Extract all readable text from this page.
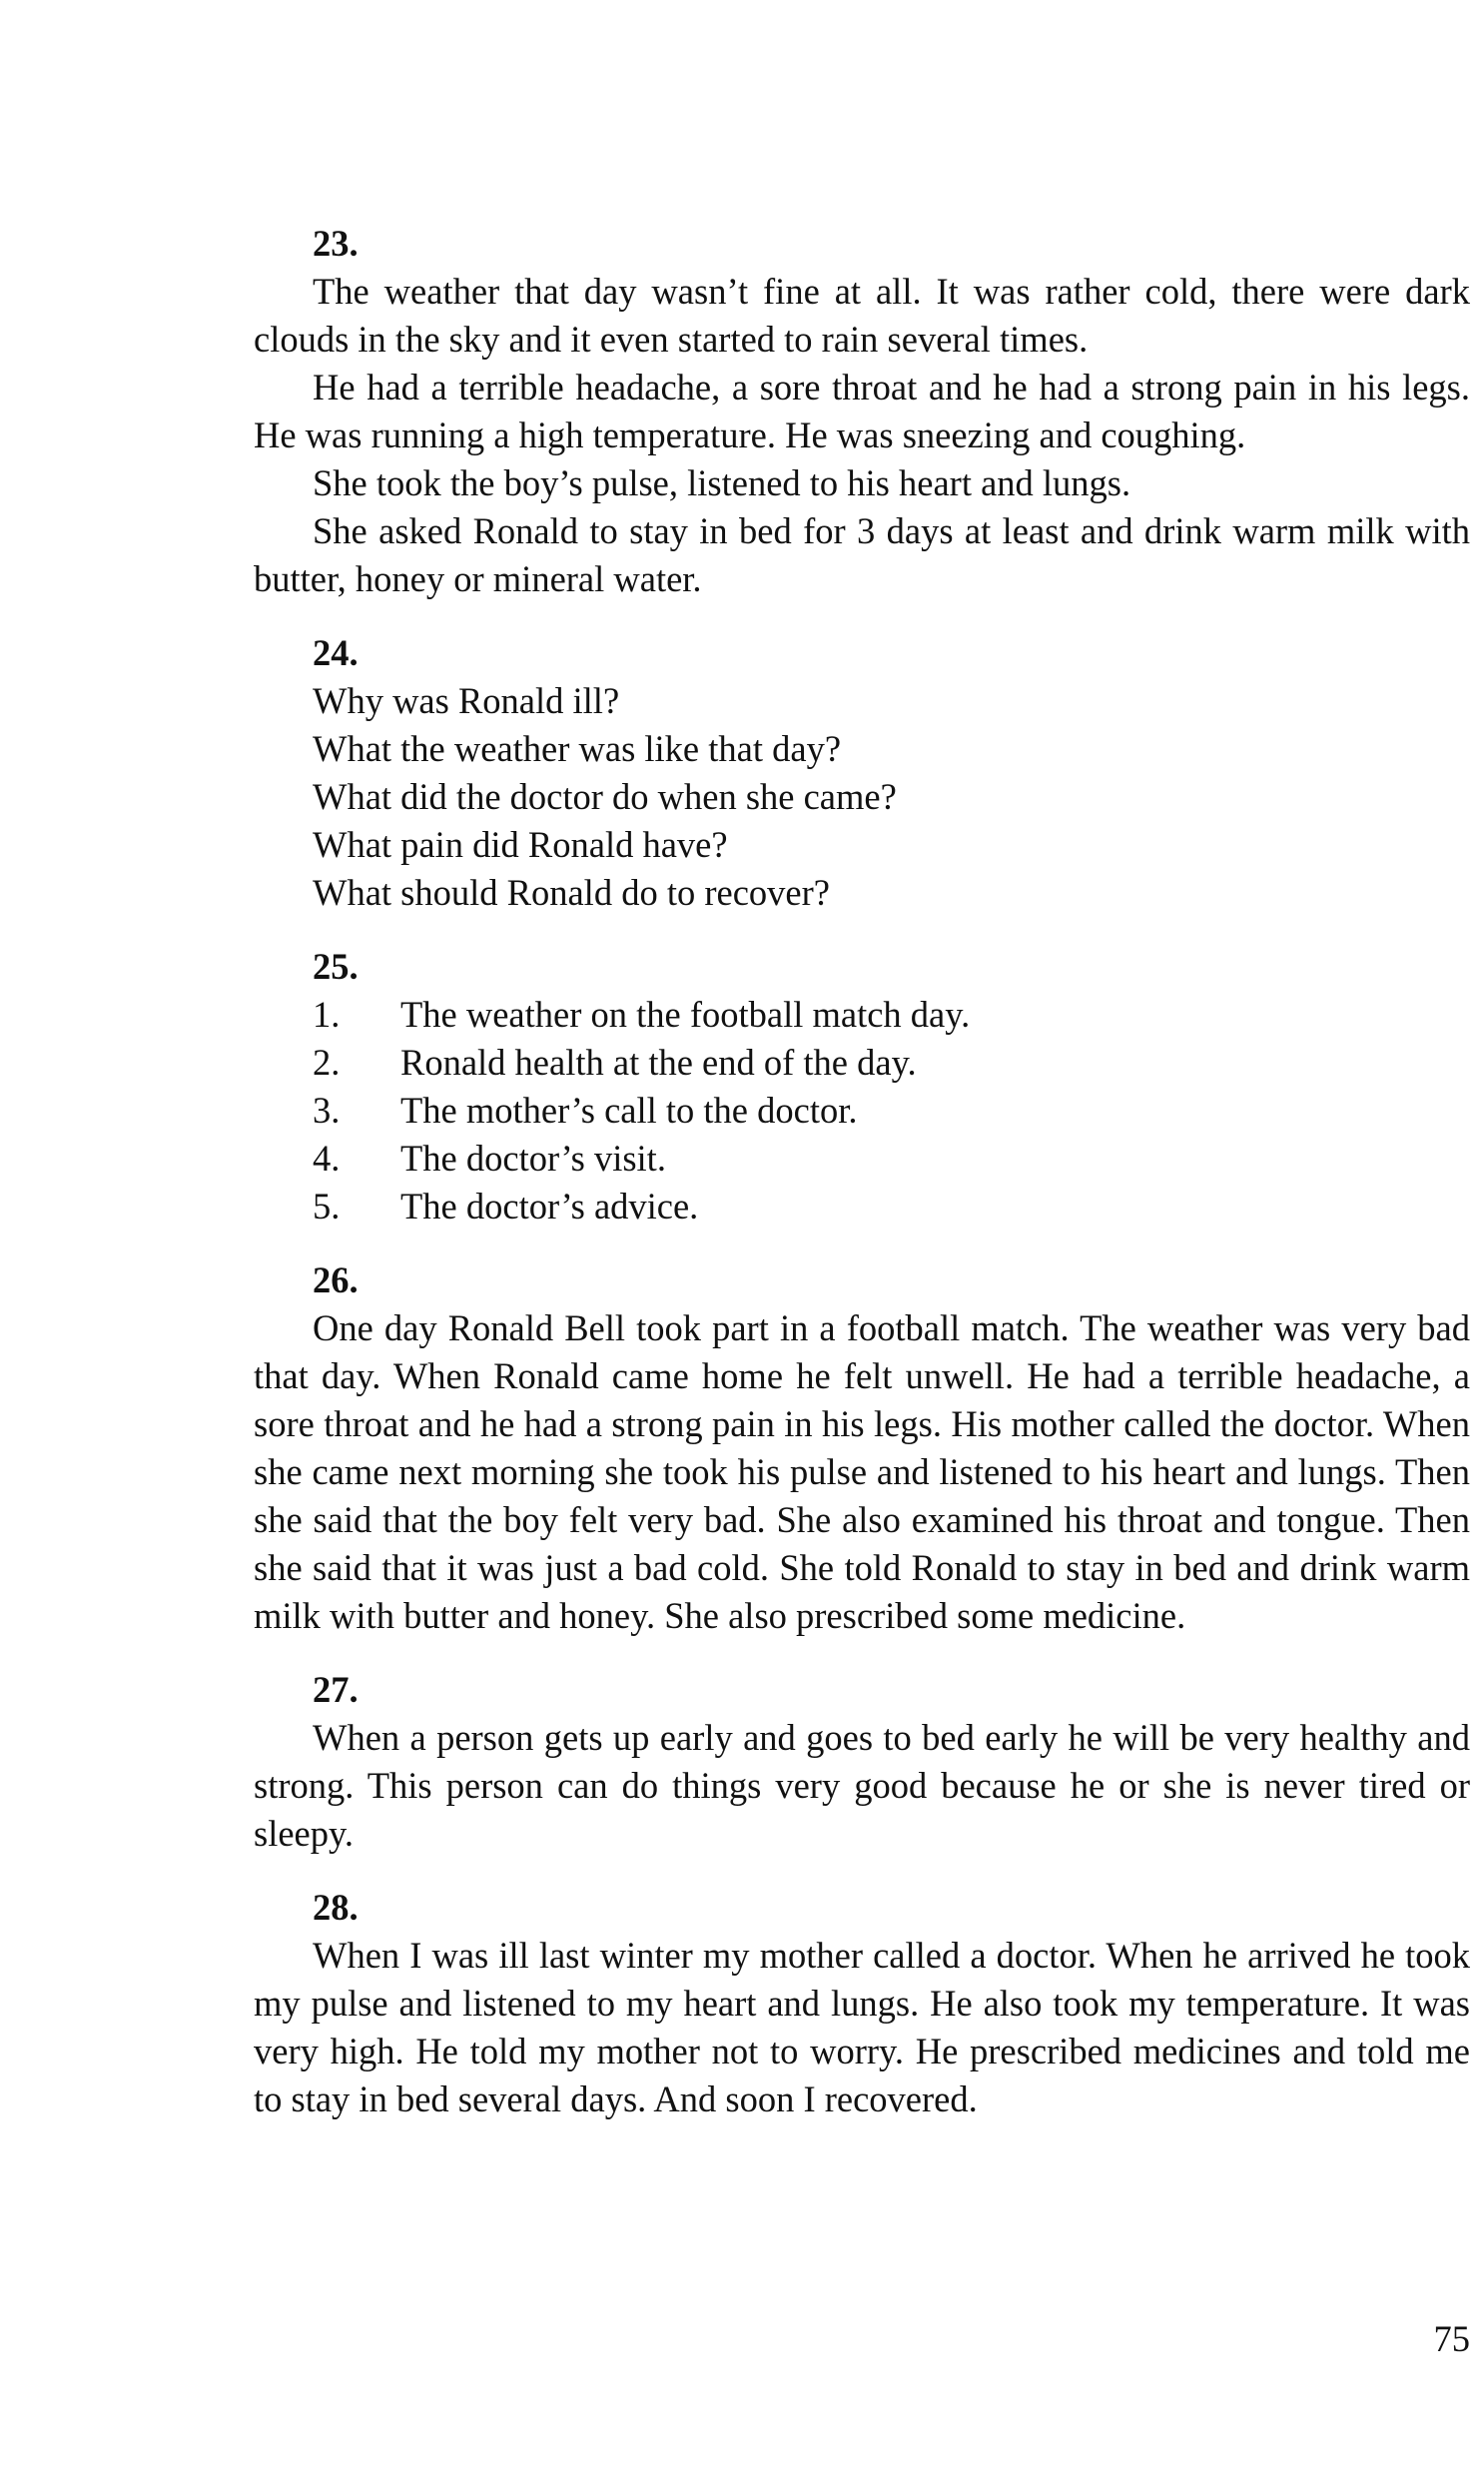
23.

The weather that day wasn’t fine at all. It was rather cold, there were dark clouds in the sky and it even started to rain several times.

He had a terrible headache, a sore throat and he had a strong pain in his legs. He was running a high temperature. He was sneezing and coughing.

She took the boy’s pulse, listened to his heart and lungs.

She asked Ronald to stay in bed for 3 days at least and drink warm milk with butter, honey or mineral water.

24.

Why was Ronald ill?

What the weather was like that day?

What did the doctor do when she came?

What pain did Ronald have?

What should Ronald do to recover?

25.

1.	The weather on the football match day.
2.	Ronald health at the end of the day.
3.	The mother’s call to the doctor.
4.	The doctor’s visit.
5.	The doctor’s advice.

26.

One day Ronald Bell took part in a football match. The weather was very bad that day. When Ronald came home he felt unwell. He had a terrible headache, a sore throat and he had a strong pain in his legs. His mother called the doctor. When she came next morning she took his pulse and listened to his heart and lungs. Then she said that the boy felt very bad. She also examined his throat and tongue. Then she said that it was just a bad cold. She told Ronald to stay in bed and drink warm milk with butter and honey. She also prescribed some medicine.

27.

When a person gets up early and goes to bed early he will be very healthy and strong. This person can do things very good because he or she is never tired or sleepy.

28.

When I was ill last winter my mother called a doctor. When he arrived he took my pulse and listened to my heart and lungs. He also took my temperature. It was very high. He told my mother not to worry. He prescribed medicines and told me to stay in bed several days. And soon I recovered.

75
